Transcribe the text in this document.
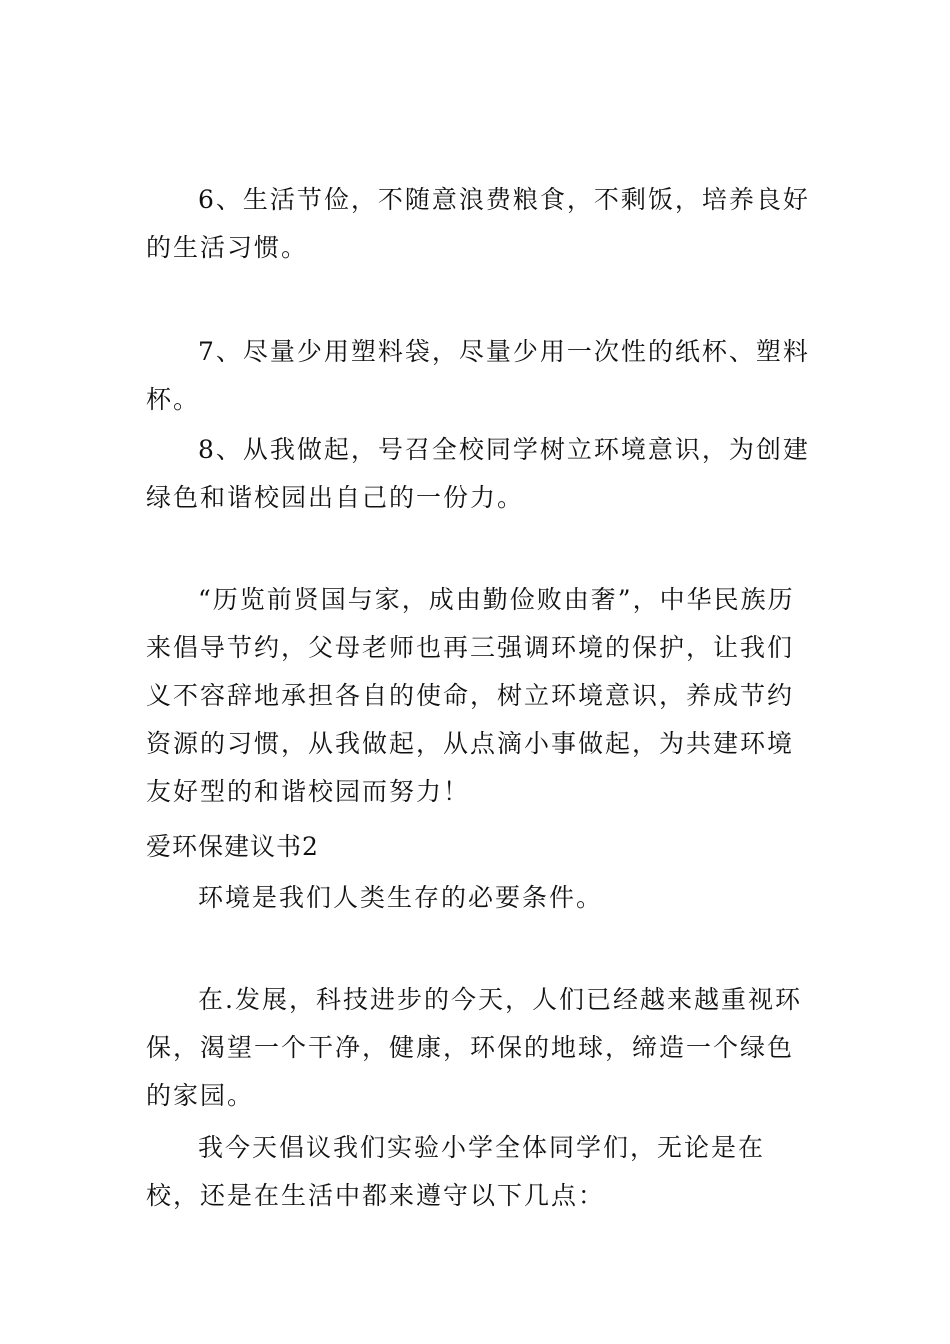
6、生活节俭，不随意浪费粮食，不剩饭，培养良好的生活习惯。

7、尽量少用塑料袋，尽量少用一次性的纸杯、塑料杯。

8、从我做起，号召全校同学树立环境意识，为创建绿色和谐校园出自己的一份力。

“历览前贤国与家，成由勤俭败由奢”，中华民族历来倡导节约，父母老师也再三强调环境的保护，让我们义不容辞地承担各自的使命，树立环境意识，养成节约资源的习惯，从我做起，从点滴小事做起，为共建环境友好型的和谐校园而努力！

爱环保建议书2

环境是我们人类生存的必要条件。

在.发展，科技进步的今天，人们已经越来越重视环保，渴望一个干净，健康，环保的地球，缔造一个绿色的家园。

我今天倡议我们实验小学全体同学们，无论是在校，还是在生活中都来遵守以下几点：
